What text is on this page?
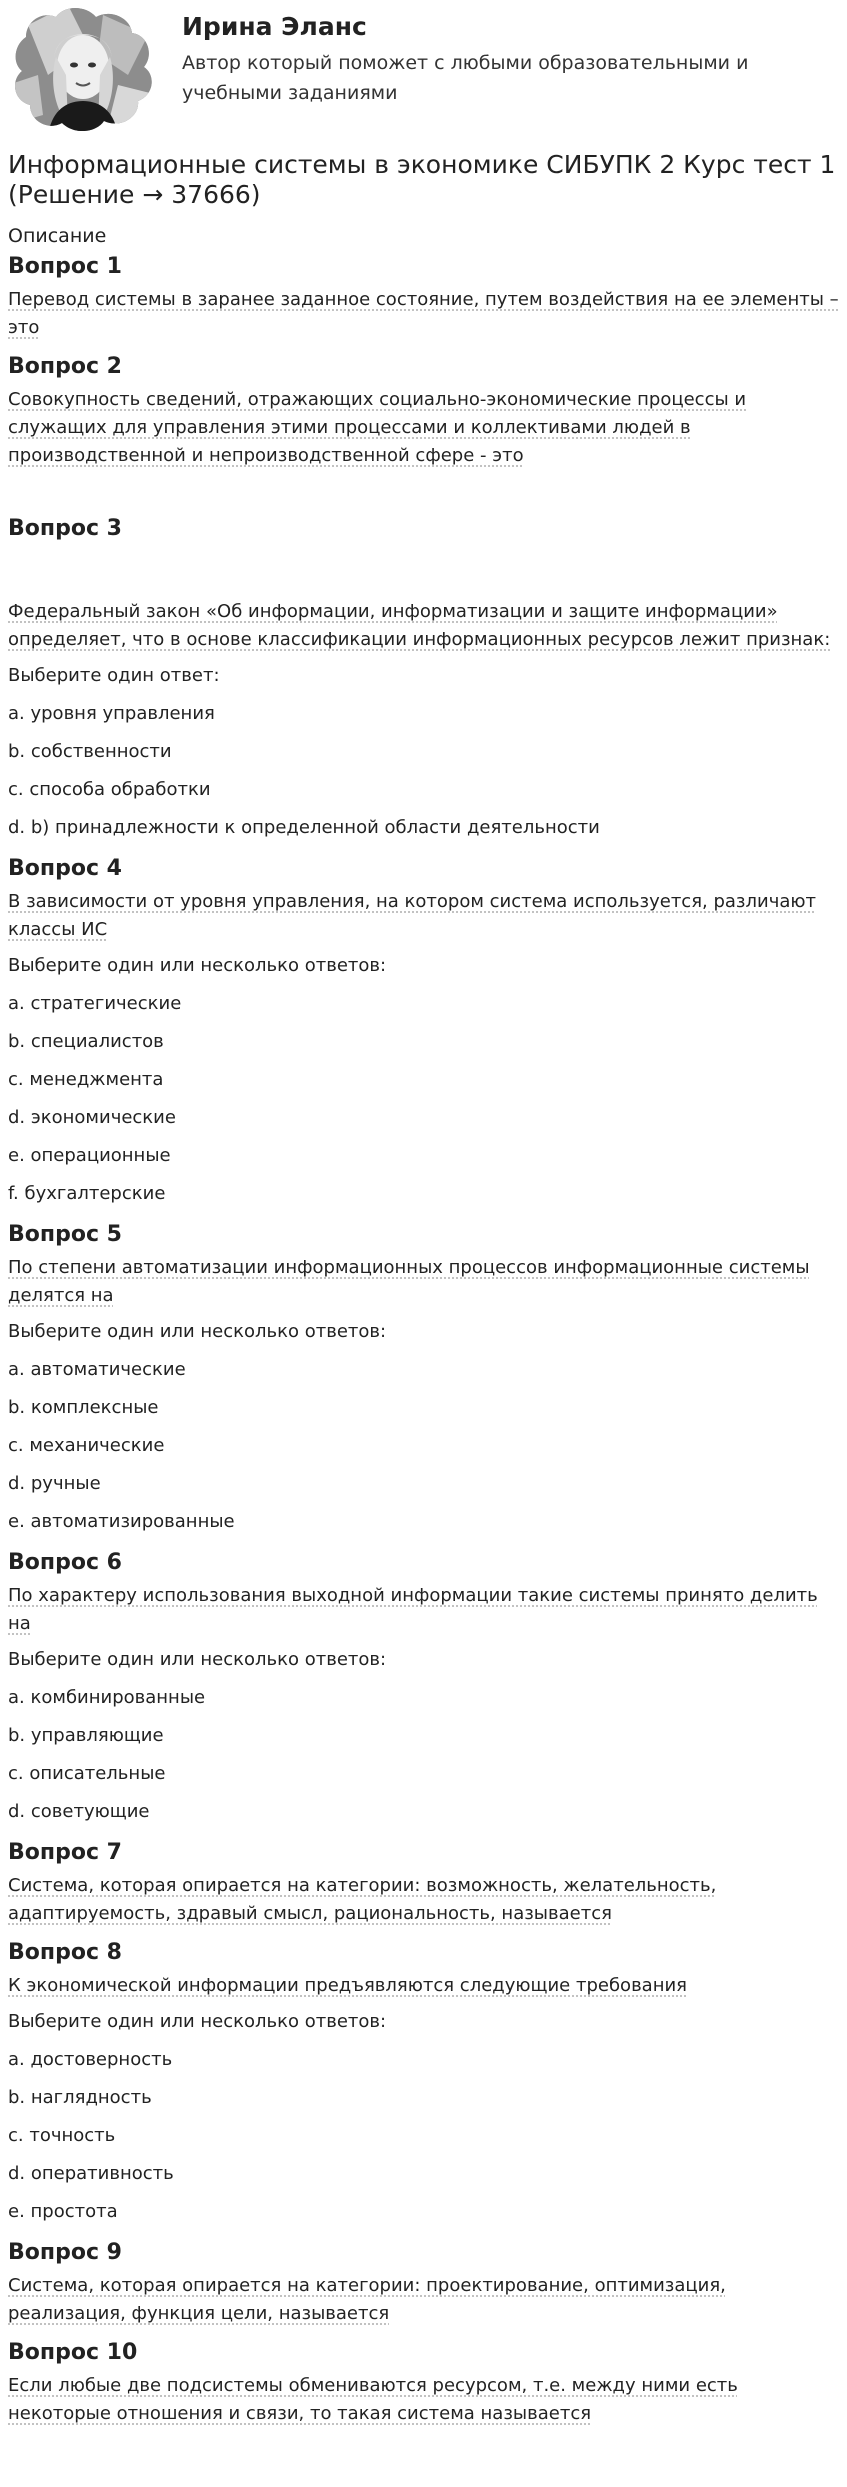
Ирина Эланс
Автор который поможет с любыми образовательными и учебными заданиями
Информационные системы в экономике СИБУПК 2 Курс тест 1 (Решение → 37666)
Описание
Вопрос 1
Перевод системы в заранее заданное состояние, путем воздействия на ее элементы – это
Вопрос 2
Совокупность сведений, отражающих социально-экономические процессы и служащих для управления этими процессами и коллективами людей в производственной и непроизводственной сфере - это
Вопрос 3
Федеральный закон «Об информации, информатизации и защите информации» определяет, что в основе классификации информационных ресурсов лежит признак:
Выберите один ответ:
a. уровня управления
b. собственности
c. способа обработки
d. b) принадлежности к определенной области деятельности
Вопрос 4
В зависимости от уровня управления, на котором система используется, различают классы ИС
Выберите один или несколько ответов:
a. стратегические
b. специалистов
c. менеджмента
d. экономические
e. операционные
f. бухгалтерские
Вопрос 5
По степени автоматизации информационных процессов информационные системы делятся на
Выберите один или несколько ответов:
a. автоматические
b. комплексные
c. механические
d. ручные
e. автоматизированные
Вопрос 6
По характеру использования выходной информации такие системы принято делить на
Выберите один или несколько ответов:
a. комбинированные
b. управляющие
c. описательные
d. советующие
Вопрос 7
Система, которая опирается на категории: возможность, желательность, адаптируемость, здравый смысл, рациональность, называется
Вопрос 8
К экономической информации предъявляются следующие требования
Выберите один или несколько ответов:
a. достоверность
b. наглядность
c. точность
d. оперативность
e. простота
Вопрос 9
Система, которая опирается на категории: проектирование, оптимизация, реализация, функция цели, называется
Вопрос 10
Если любые две подсистемы обмениваются ресурсом, т.е. между ними есть некоторые отношения и связи, то такая система называется
